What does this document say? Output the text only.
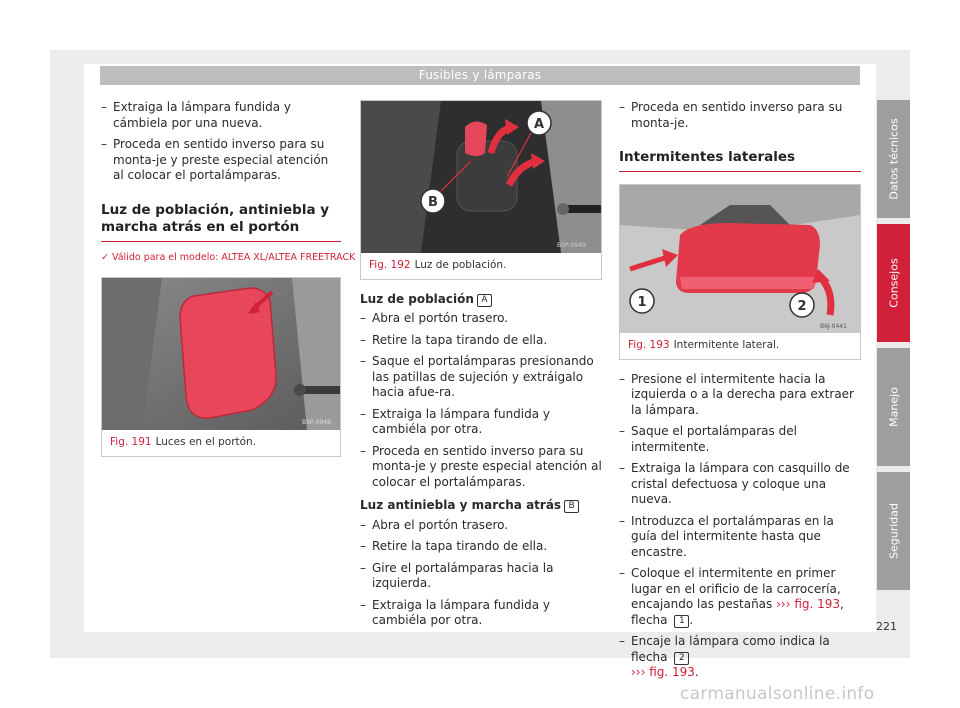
Fusibles y lámparas
– Extraiga la lámpara fundida y cámbiela por una nueva.
– Proceda en sentido inverso para su monta-je y preste especial atención al colocar el portalámparas.
Luz de población, antiniebla y marcha atrás en el portón
✓ Válido para el modelo: ALTEA XL/ALTEA FREETRACK
B5P-0948
Fig. 191 Luces en el portón.
A
B
B5P-0949
Fig. 192 Luz de población.
Luz de población A
– Abra el portón trasero.
– Retire la tapa tirando de ella.
– Saque el portalámparas presionando las patillas de sujeción y extráigalo hacia afue-ra.
– Extraiga la lámpara fundida y cambiéla por otra.
– Proceda en sentido inverso para su monta-je y preste especial atención al colocar el portalámparas.
Luz antiniebla y marcha atrás B
– Abra el portón trasero.
– Retire la tapa tirando de ella.
– Gire el portalámparas hacia la izquierda.
– Extraiga la lámpara fundida y cambiéla por otra.
– Proceda en sentido inverso para su monta-je.
Intermitentes laterales
1	2
B6J-0441
Fig. 193 Intermitente lateral.
– Presione el intermitente hacia la izquierda o a la derecha para extraer la lámpara.
– Saque el portalámparas del intermitente.
– Extraiga la lámpara con casquillo de cristal defectuosa y coloque una nueva.
– Introduzca el portalámparas en la guía del intermitente hasta que encastre.
– Coloque el intermitente en primer lugar en el orificio de la carrocería, encajando las pestañas ››› fig. 193, flecha 1 .
– Encaje la lámpara como indica la flecha 2
››› fig. 193.
Datos técnicos
Consejos
Manejo
Seguridad
221
carmanualsonline.info
